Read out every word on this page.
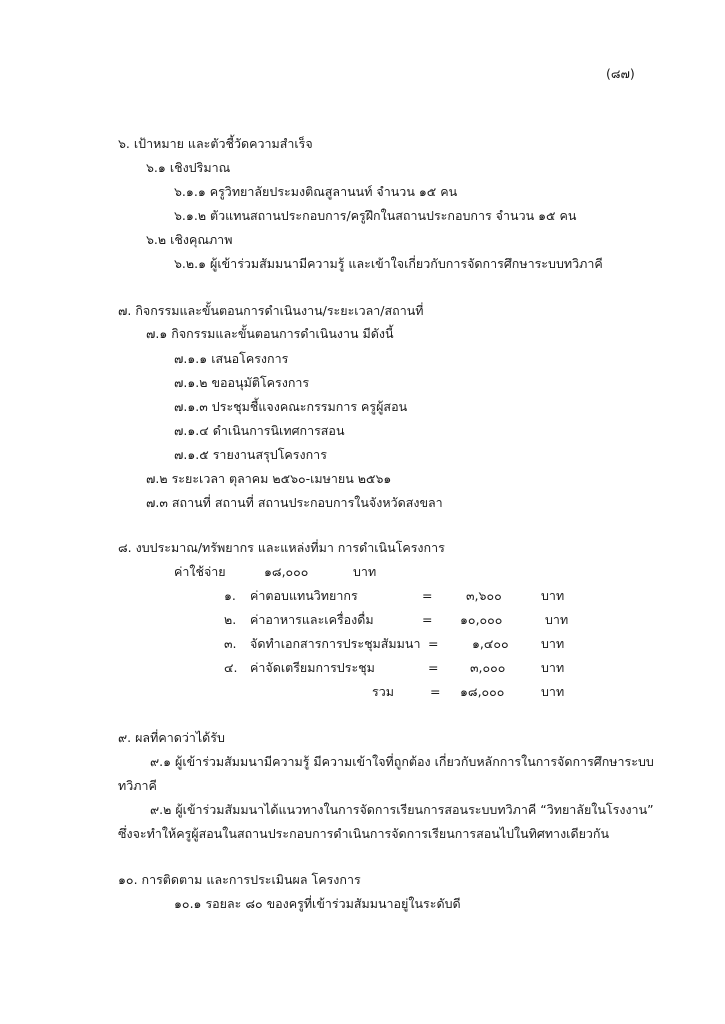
(๘๗)
๖. เป้าหมาย และตัวชี้วัดความสำเร็จ
๖.๑ เชิงปริมาณ
๖.๑.๑ ครูวิทยาลัยประมงติณสูลานนท์ จำนวน ๑๕ คน
๖.๑.๒ ตัวแทนสถานประกอบการ/ครูฝึกในสถานประกอบการ จำนวน ๑๕ คน
๖.๒ เชิงคุณภาพ
๖.๒.๑ ผู้เข้าร่วมสัมมนามีความรู้ และเข้าใจเกี่ยวกับการจัดการศึกษาระบบทวิภาคี
๗. กิจกรรมและขั้นตอนการดำเนินงาน/ระยะเวลา/สถานที่
๗.๑ กิจกรรมและขั้นตอนการดำเนินงาน มีดังนี้
๗.๑.๑ เสนอโครงการ
๗.๑.๒ ขออนุมัติโครงการ
๗.๑.๓ ประชุมชี้แจงคณะกรรมการ ครูผู้สอน
๗.๑.๔ ดำเนินการนิเทศการสอน
๗.๑.๕ รายงานสรุปโครงการ
๗.๒ ระยะเวลา ตุลาคม ๒๕๖๐-เมษายน ๒๕๖๑
๗.๓ สถานที่ สถานที่ สถานประกอบการในจังหวัดสงขลา
๘. งบประมาณ/ทรัพยากร และแหล่งที่มา การดำเนินโครงการ
ค่าใช้จ่าย	๑๘,๐๐๐	บาท
๑. ค่าตอบแทนวิทยากร	=	๓,๖๐๐	บาท
๒. ค่าอาหารและเครื่องดื่ม	= ๑๐,๐๐๐	บาท
๓. จัดทำเอกสารการประชุมสัมมนา =	๑,๔๐๐	บาท
๔. ค่าจัดเตรียมการประชุม	=	๓,๐๐๐	บาท
รวม	= ๑๘,๐๐๐	บาท
๙. ผลที่คาดว่าได้รับ
๙.๑ ผู้เข้าร่วมสัมมนามีความรู้ มีความเข้าใจที่ถูกต้อง เกี่ยวกับหลักการในการจัดการศึกษาระบบ
ทวิภาคี
๙.๒ ผู้เข้าร่วมสัมมนาได้แนวทางในการจัดการเรียนการสอนระบบทวิภาคี “วิทยาลัยในโรงงาน”
ซึ่งจะทำให้ครูผู้สอนในสถานประกอบการดำเนินการจัดการเรียนการสอนไปในทิศทางเดียวกัน
๑๐. การติดตาม และการประเมินผล โครงการ
๑๐.๑ รอยละ ๘๐ ของครูที่เข้าร่วมสัมมนาอยู่ในระดับดี
